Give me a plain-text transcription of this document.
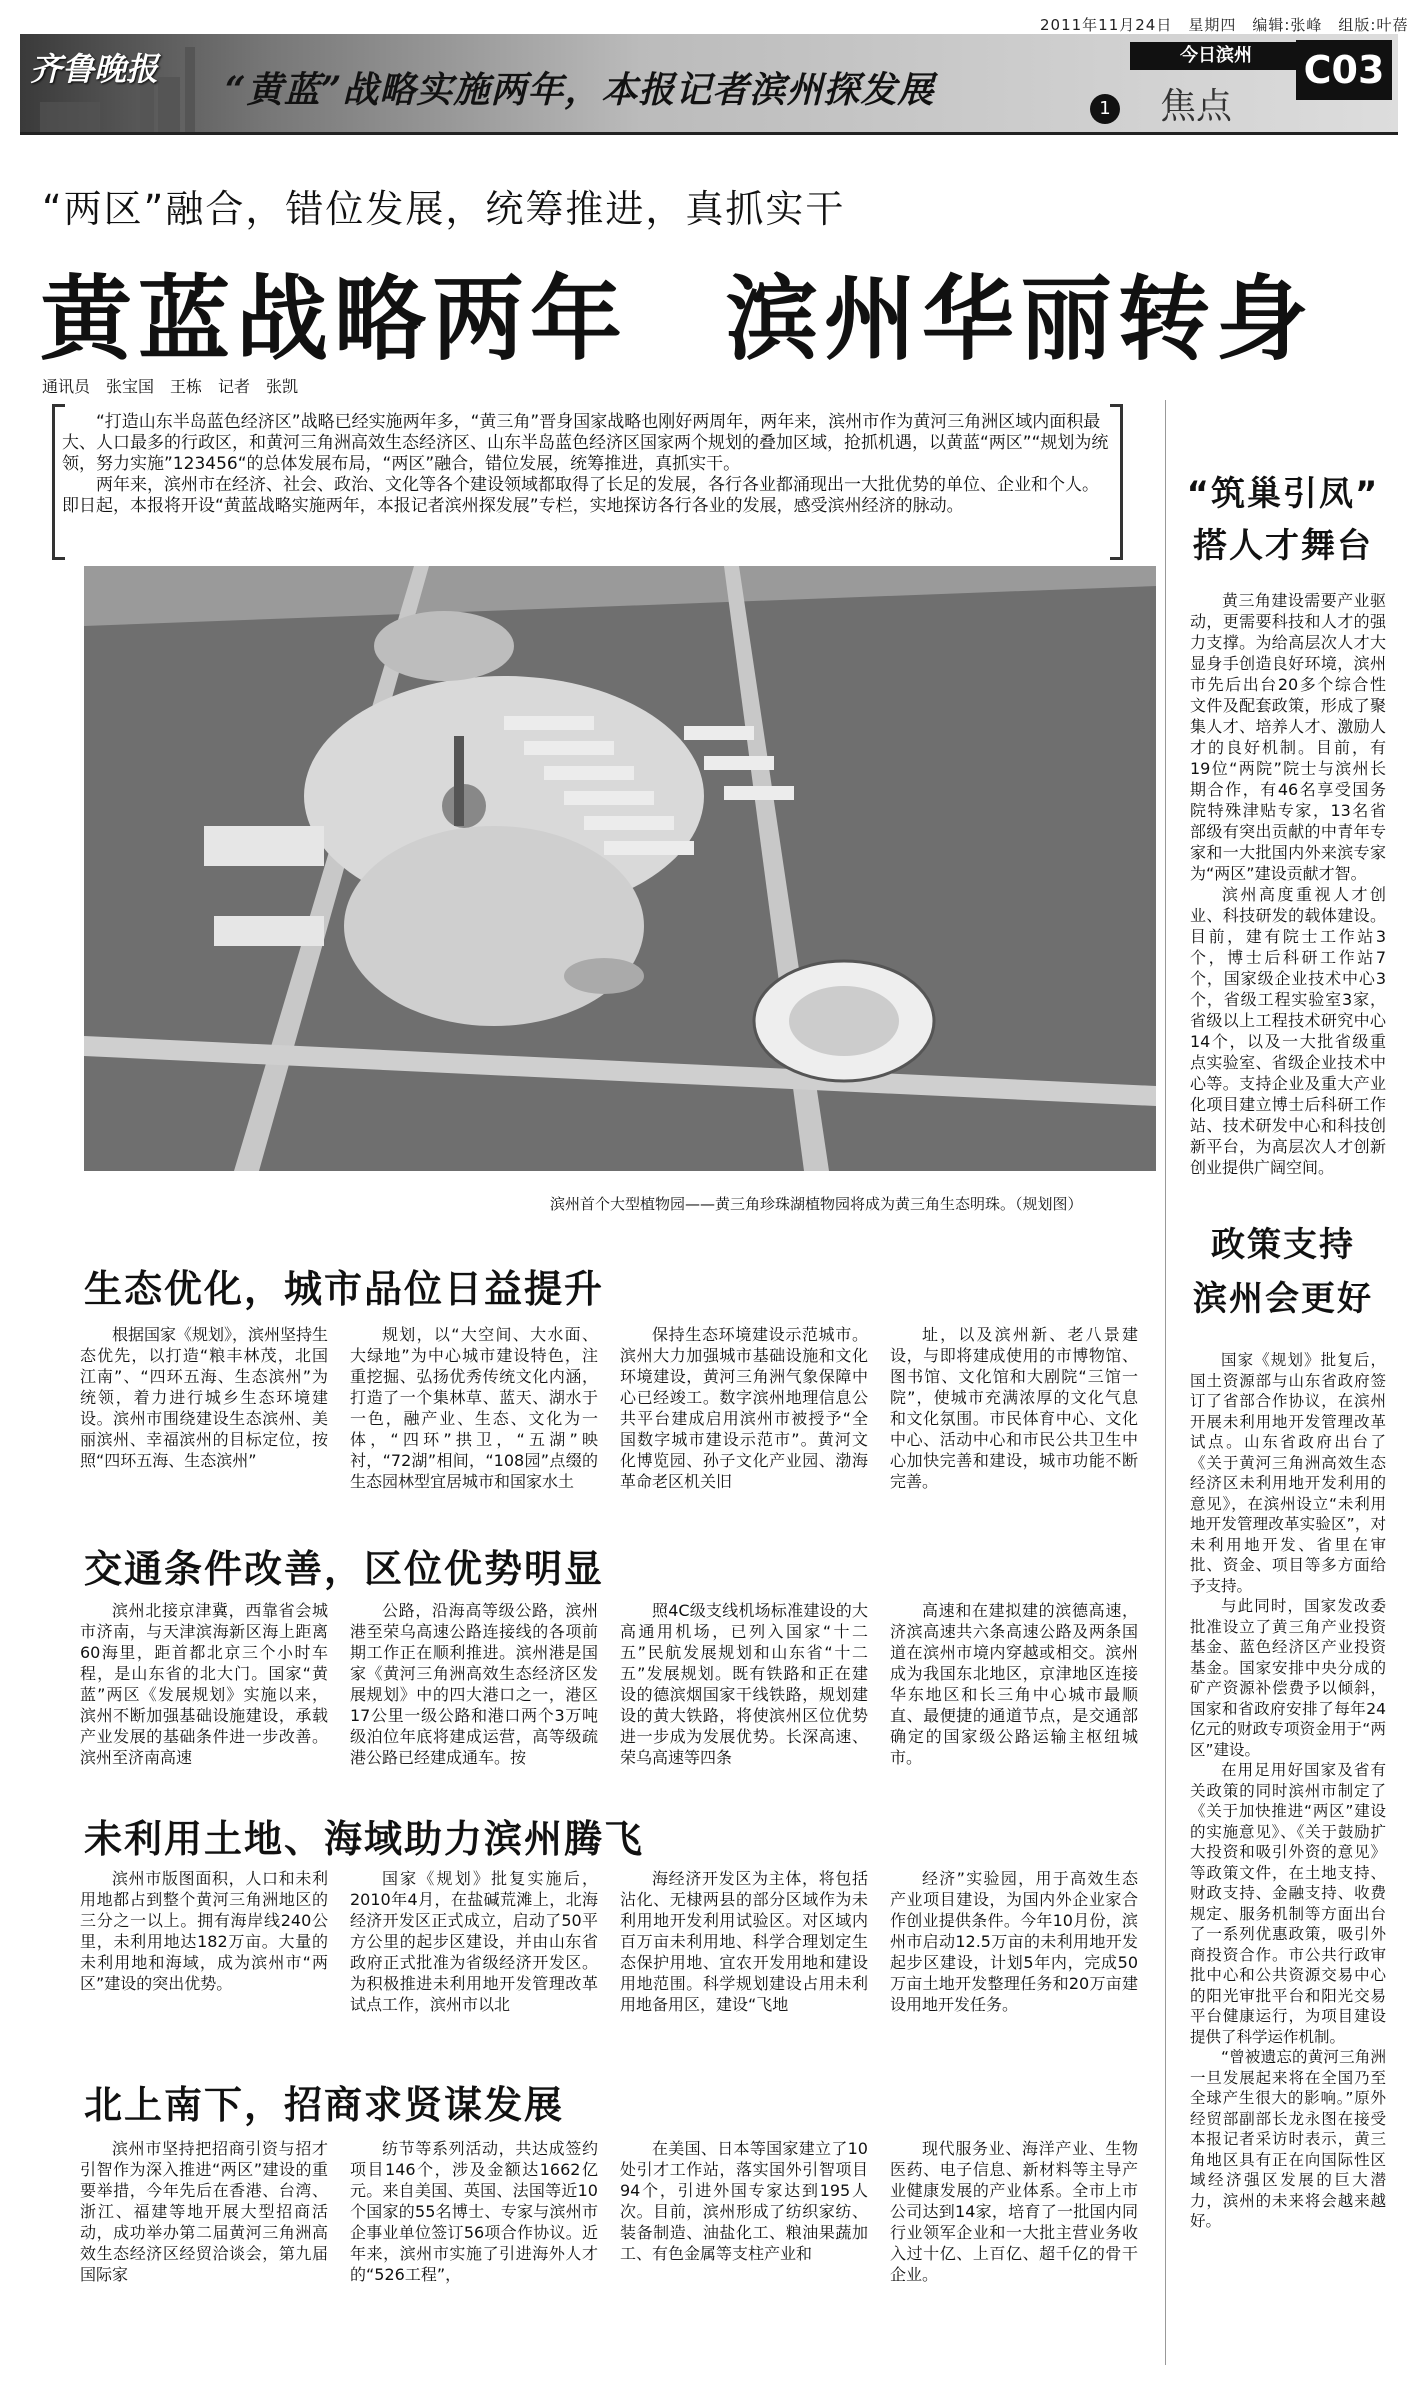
2011年11月24日　星期四　编辑:张峰　组版:叶蓓
齐鲁晚报 “黄蓝”战略实施两年，本报记者滨州探发展	1
今日滨州
焦点
C03
“两区”融合，错位发展，统筹推进，真抓实干
黄蓝战略两年　滨州华丽转身
通讯员　张宝国　王栋　记者　张凯

“打造山东半岛蓝色经济区”战略已经实施两年多，“黄三角”晋身国家战略也刚好两周年，两年来，滨州市作为黄河三角洲区域内面积最大、人口最多的行政区，和黄河三角洲高效生态经济区、山东半岛蓝色经济区国家两个规划的叠加区域，抢抓机遇，以黄蓝“两区”“规划为统领，努力实施”123456“的总体发展布局，“两区”融合，错位发展，统筹推进，真抓实干。

两年来，滨州市在经济、社会、政治、文化等各个建设领域都取得了长足的发展，各行各业都涌现出一大批优势的单位、企业和个人。即日起，本报将开设“黄蓝战略实施两年，本报记者滨州探发展”专栏，实地探访各行各业的发展，感受滨州经济的脉动。

滨州首个大型植物园——黄三角珍珠湖植物园将成为黄三角生态明珠。（规划图）
生态优化，城市品位日益提升

根据国家《规划》，滨州坚持生态优先，以打造“粮丰林茂，北国江南”、“四环五海、生态滨州”为统领，着力进行城乡生态环境建设。滨州市围绕建设生态滨州、美丽滨州、幸福滨州的目标定位，按照“四环五海、生态滨州”

规划，以“大空间、大水面、大绿地”为中心城市建设特色，注重挖掘、弘扬优秀传统文化内涵，打造了一个集林草、蓝天、湖水于一色，融产业、生态、文化为一体，“四环”拱卫，“五湖”映衬，“72湖”相间，“108园”点缀的生态园林型宜居城市和国家水土

保持生态环境建设示范城市。滨州大力加强城市基础设施和文化环境建设，黄河三角洲气象保障中心已经竣工。数字滨州地理信息公共平台建成启用滨州市被授予“全国数字城市建设示范市”。黄河文化博览园、孙子文化产业园、渤海革命老区机关旧

址，以及滨州新、老八景建设，与即将建成使用的市博物馆、图书馆、文化馆和大剧院“三馆一院”，使城市充满浓厚的文化气息和文化氛围。市民体育中心、文化中心、活动中心和市民公共卫生中心加快完善和建设，城市功能不断完善。

交通条件改善，区位优势明显

滨州北接京津冀，西靠省会城市济南，与天津滨海新区海上距离60海里，距首都北京三个小时车程，是山东省的北大门。国家“黄蓝”两区《发展规划》实施以来，滨州不断加强基础设施建设，承载产业发展的基础条件进一步改善。滨州至济南高速

公路，沿海高等级公路，滨州港至荣乌高速公路连接线的各项前期工作正在顺利推进。滨州港是国家《黄河三角洲高效生态经济区发展规划》中的四大港口之一，港区17公里一级公路和港口两个3万吨级泊位年底将建成运营，高等级疏港公路已经建成通车。按

照4C级支线机场标准建设的大高通用机场，已列入国家“十二五”民航发展规划和山东省“十二五”发展规划。既有铁路和正在建设的德滨烟国家干线铁路，规划建设的黄大铁路，将使滨州区位优势进一步成为发展优势。长深高速、荣乌高速等四条

高速和在建拟建的滨德高速，济滨高速共六条高速公路及两条国道在滨州市境内穿越或相交。滨州成为我国东北地区，京津地区连接华东地区和长三角中心城市最顺直、最便捷的通道节点，是交通部确定的国家级公路运输主枢纽城市。

未利用土地、海域助力滨州腾飞

滨州市版图面积，人口和未利用地都占到整个黄河三角洲地区的三分之一以上。拥有海岸线240公里，未利用地达182万亩。大量的未利用地和海域，成为滨州市“两区”建设的突出优势。

国家《规划》批复实施后，2010年4月，在盐碱荒滩上，北海经济开发区正式成立，启动了50平方公里的起步区建设，并由山东省政府正式批准为省级经济开发区。为积极推进未利用地开发管理改革试点工作，滨州市以北

海经济开发区为主体，将包括沾化、无棣两县的部分区域作为未利用地开发利用试验区。对区域内百万亩未利用地、科学合理划定生态保护用地、宜农开发用地和建设用地范围。科学规划建设占用未利用地备用区，建设“飞地

经济”实验园，用于高效生态产业项目建设，为国内外企业家合作创业提供条件。今年10月份，滨州市启动12.5万亩的未利用地开发起步区建设，计划5年内，完成50万亩土地开发整理任务和20万亩建设用地开发任务。

北上南下，招商求贤谋发展

滨州市坚持把招商引资与招才引智作为深入推进“两区”建设的重要举措，今年先后在香港、台湾、浙江、福建等地开展大型招商活动，成功举办第二届黄河三角洲高效生态经济区经贸洽谈会，第九届国际家

纺节等系列活动，共达成签约项目146个，涉及金额达1662亿元。来自美国、英国、法国等近10个国家的55名博士、专家与滨州市企事业单位签订56项合作协议。近年来，滨州市实施了引进海外人才的“526工程”，

在美国、日本等国家建立了10处引才工作站，落实国外引智项目94个，引进外国专家达到195人次。目前，滨州形成了纺织家纺、装备制造、油盐化工、粮油果蔬加工、有色金属等支柱产业和

现代服务业、海洋产业、生物医药、电子信息、新材料等主导产业健康发展的产业体系。全市上市公司达到14家，培育了一批国内同行业领军企业和一大批主营业务收入过十亿、上百亿、超千亿的骨干企业。

“筑巢引凤”
搭人才舞台

黄三角建设需要产业驱动，更需要科技和人才的强力支撑。为给高层次人才大显身手创造良好环境，滨州市先后出台20多个综合性文件及配套政策，形成了聚集人才、培养人才、激励人才的良好机制。目前，有19位“两院”院士与滨州长期合作，有46名享受国务院特殊津贴专家，13名省部级有突出贡献的中青年专家和一大批国内外来滨专家为“两区”建设贡献才智。

滨州高度重视人才创业、科技研发的载体建设。目前，建有院士工作站3个，博士后科研工作站7个，国家级企业技术中心3个，省级工程实验室3家，省级以上工程技术研究中心14个，以及一大批省级重点实验室、省级企业技术中心等。支持企业及重大产业化项目建立博士后科研工作站、技术研发中心和科技创新平台，为高层次人才创新创业提供广阔空间。

政策支持
滨州会更好

国家《规划》批复后，国土资源部与山东省政府签订了省部合作协议，在滨州开展未利用地开发管理改革试点。山东省政府出台了《关于黄河三角洲高效生态经济区未利用地开发利用的意见》，在滨州设立“未利用地开发管理改革实验区”，对未利用地开发、省里在审批、资金、项目等多方面给予支持。

与此同时，国家发改委批准设立了黄三角产业投资基金、蓝色经济区产业投资基金。国家安排中央分成的矿产资源补偿费予以倾斜，国家和省政府安排了每年24亿元的财政专项资金用于“两区”建设。

在用足用好国家及省有关政策的同时滨州市制定了《关于加快推进“两区”建设的实施意见》、《关于鼓励扩大投资和吸引外资的意见》等政策文件，在土地支持、财政支持、金融支持、收费规定、服务机制等方面出台了一系列优惠政策，吸引外商投资合作。市公共行政审批中心和公共资源交易中心的阳光审批平台和阳光交易平台健康运行，为项目建设提供了科学运作机制。

“曾被遗忘的黄河三角洲一旦发展起来将在全国乃至全球产生很大的影响。”原外经贸部副部长龙永图在接受本报记者采访时表示，黄三角地区具有正在向国际性区域经济强区发展的巨大潜力，滨州的未来将会越来越好。
